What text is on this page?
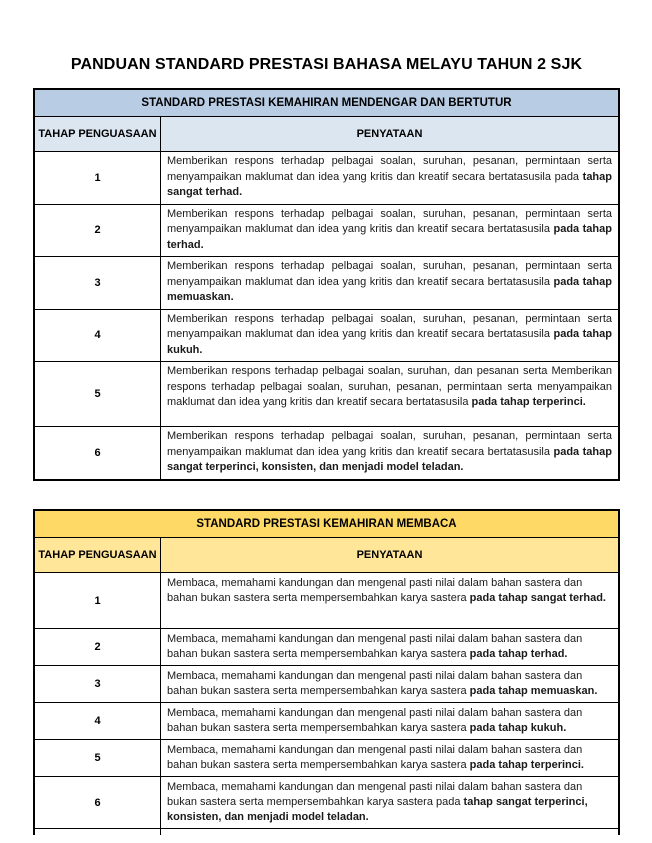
PANDUAN STANDARD PRESTASI BAHASA MELAYU TAHUN 2 SJK
STANDARD PRESTASI KEMAHIRAN MENDENGAR DAN BERTUTUR
TAHAP PENGUASAAN	PENYATAAN
1
Memberikan respons terhadap pelbagai soalan, suruhan, pesanan, permintaan serta menyampaikan maklumat dan idea yang kritis dan kreatif secara bertatasusila pada tahap sangat terhad.
2
Memberikan respons terhadap pelbagai soalan, suruhan, pesanan, permintaan serta menyampaikan maklumat dan idea yang kritis dan kreatif secara bertatasusila pada tahap terhad.
3
Memberikan respons terhadap pelbagai soalan, suruhan, pesanan, permintaan serta menyampaikan maklumat dan idea yang kritis dan kreatif secara bertatasusila pada tahap memuaskan.
4
Memberikan respons terhadap pelbagai soalan, suruhan, pesanan, permintaan serta menyampaikan maklumat dan idea yang kritis dan kreatif secara bertatasusila pada tahap kukuh.
5
Memberikan respons terhadap pelbagai soalan, suruhan, dan pesanan serta Memberikan respons terhadap pelbagai soalan, suruhan, pesanan, permintaan serta menyampaikan maklumat dan idea yang kritis dan kreatif secara bertatasusila pada tahap terperinci.
6
Memberikan respons terhadap pelbagai soalan, suruhan, pesanan, permintaan serta menyampaikan maklumat dan idea yang kritis dan kreatif secara bertatasusila pada tahap sangat terperinci, konsisten, dan menjadi model teladan.
STANDARD PRESTASI KEMAHIRAN MEMBACA
TAHAP PENGUASAAN	PENYATAAN
1
Membaca, memahami kandungan dan mengenal pasti nilai dalam bahan sastera dan bahan bukan sastera serta mempersembahkan karya sastera pada tahap sangat terhad.
2
Membaca, memahami kandungan dan mengenal pasti nilai dalam bahan sastera dan bahan bukan sastera serta mempersembahkan karya sastera pada tahap terhad.
3
Membaca, memahami kandungan dan mengenal pasti nilai dalam bahan sastera dan bahan bukan sastera serta mempersembahkan karya sastera pada tahap memuaskan.
4
Membaca, memahami kandungan dan mengenal pasti nilai dalam bahan sastera dan bahan bukan sastera serta mempersembahkan karya sastera pada tahap kukuh.
5
Membaca, memahami kandungan dan mengenal pasti nilai dalam bahan sastera dan bahan bukan sastera serta mempersembahkan karya sastera pada tahap terperinci.
6
Membaca, memahami kandungan dan mengenal pasti nilai dalam bahan sastera dan bukan sastera serta mempersembahkan karya sastera pada tahap sangat terperinci, konsisten, dan menjadi model teladan.
